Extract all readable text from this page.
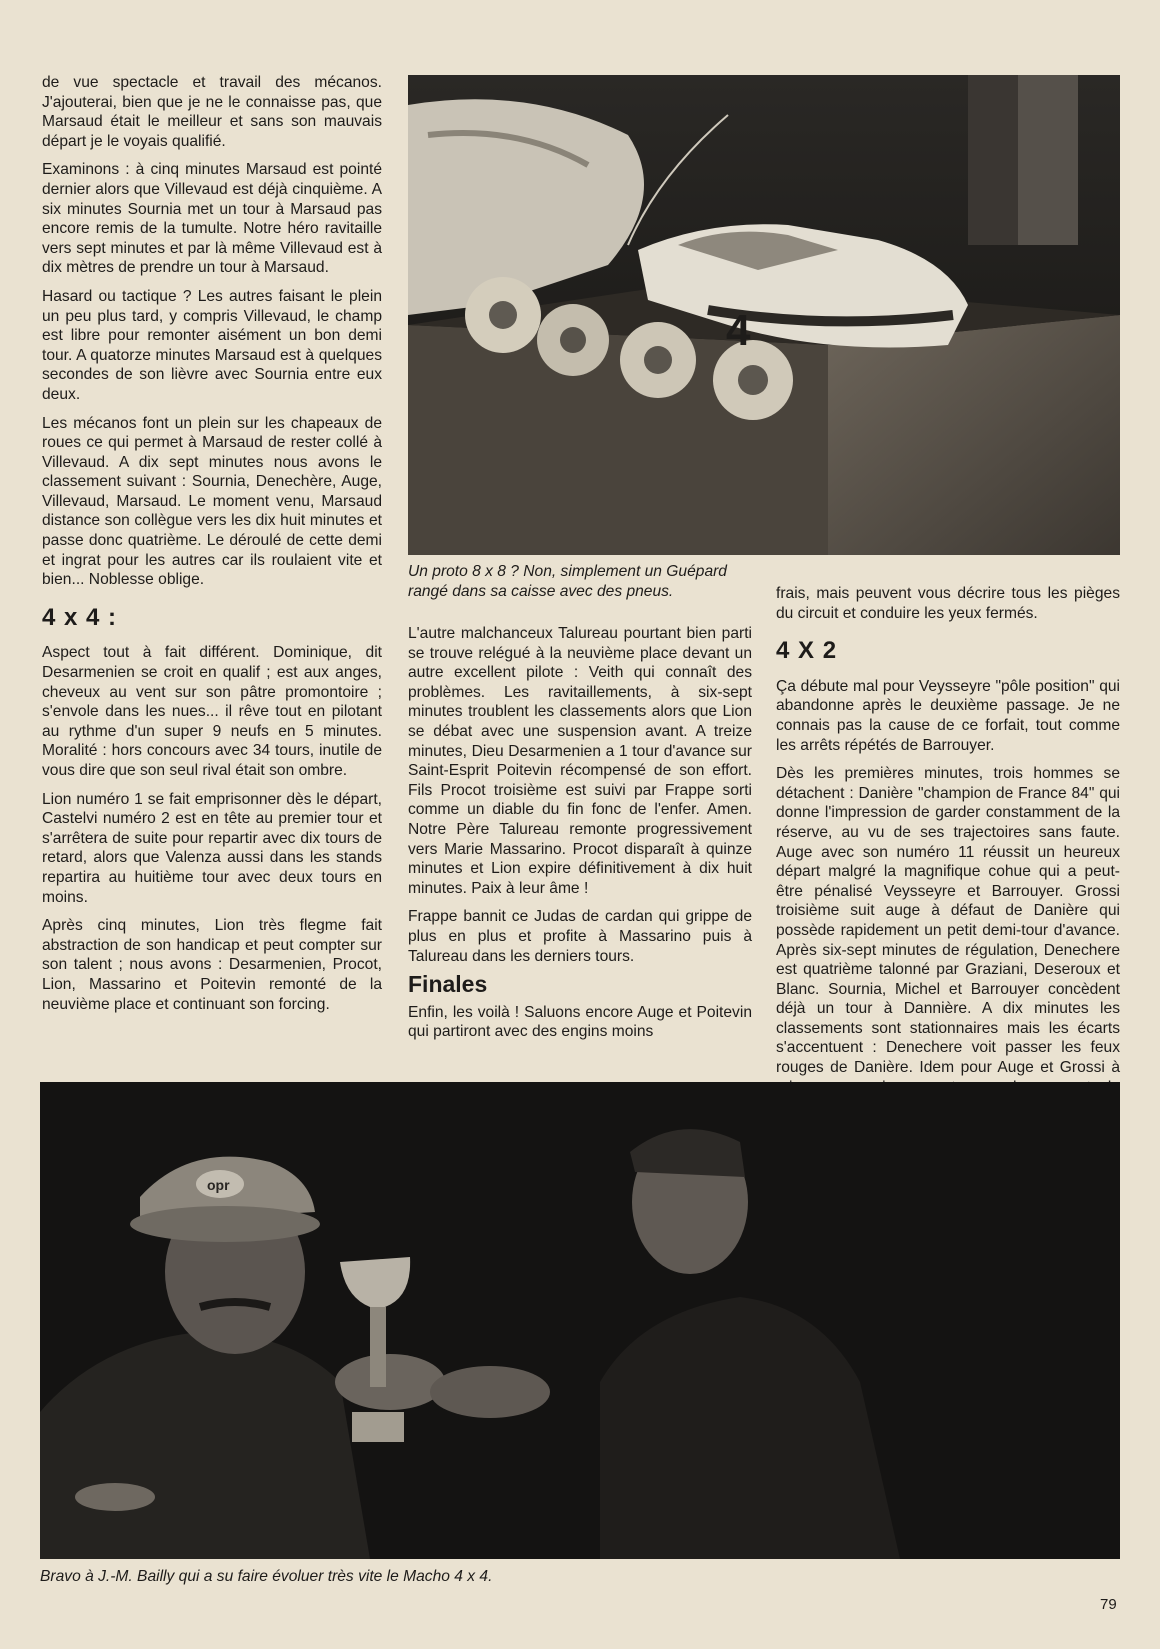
de vue spectacle et travail des mécanos. J'ajouterai, bien que je ne le connaisse pas, que Marsaud était le meilleur et sans son mauvais départ je le voyais qualifié.

Examinons : à cinq minutes Marsaud est pointé dernier alors que Villevaud est déjà cinquième. A six minutes Sournia met un tour à Marsaud pas encore remis de la tumulte. Notre héro ravitaille vers sept minutes et par là même Villevaud est à dix mètres de prendre un tour à Marsaud.

Hasard ou tactique ? Les autres faisant le plein un peu plus tard, y compris Villevaud, le champ est libre pour remonter aisément un bon demi tour. A quatorze minutes Marsaud est à quelques secondes de son lièvre avec Sournia entre eux deux.

Les mécanos font un plein sur les chapeaux de roues ce qui permet à Marsaud de rester collé à Villevaud. A dix sept minutes nous avons le classement suivant : Sournia, Denechère, Auge, Villevaud, Marsaud. Le moment venu, Marsaud distance son collègue vers les dix huit minutes et passe donc quatrième. Le déroulé de cette demi et ingrat pour les autres car ils roulaient vite et bien... Noblesse oblige.

4 x 4 :

Aspect tout à fait différent. Dominique, dit Desarmenien se croit en qualif ; est aux anges, cheveux au vent sur son pâtre promontoire ; s'envole dans les nues... il rêve tout en pilotant au rythme d'un super 9 neufs en 5 minutes. Moralité : hors concours avec 34 tours, inutile de vous dire que son seul rival était son ombre.

Lion numéro 1 se fait emprisonner dès le départ, Castelvi numéro 2 est en tête au premier tour et s'arrêtera de suite pour repartir avec dix tours de retard, alors que Valenza aussi dans les stands repartira au huitième tour avec deux tours en moins.

Après cinq minutes, Lion très flegme fait abstraction de son handicap et peut compter sur son talent ; nous avons : Desarmenien, Procot, Lion, Massarino et Poitevin remonté de la neuvième place et continuant son forcing.

4
Un proto 8 x 8 ? Non, simplement un Guépard rangé dans sa caisse avec des pneus.

L'autre malchanceux Talureau pourtant bien parti se trouve relégué à la neuvième place devant un autre excellent pilote : Veith qui connaît des problèmes. Les ravitaillements, à six-sept minutes troublent les classements alors que Lion se débat avec une suspension avant. A treize minutes, Dieu Desarmenien a 1 tour d'avance sur Saint-Esprit Poitevin récompensé de son effort. Fils Procot troisième est suivi par Frappe sorti comme un diable du fin fonc de l'enfer. Amen. Notre Père Talureau remonte progressivement vers Marie Massarino. Procot disparaît à quinze minutes et Lion expire définitivement à dix huit minutes. Paix à leur âme !

Frappe bannit ce Judas de cardan qui grippe de plus en plus et profite à Massarino puis à Talureau dans les derniers tours.

Finales

Enfin, les voilà ! Saluons encore Auge et Poitevin qui partiront avec des engins moins

frais, mais peuvent vous décrire tous les pièges du circuit et conduire les yeux fermés.

4 X 2

Ça débute mal pour Veysseyre "pôle position" qui abandonne après le deuxième passage. Je ne connais pas la cause de ce forfait, tout comme les arrêts répétés de Barrouyer.

Dès les premières minutes, trois hommes se détachent : Danière "champion de France 84" qui donne l'impression de garder constamment de la réserve, au vu de ses trajectoires sans faute. Auge avec son numéro 11 réussit un heureux départ malgré la magnifique cohue qui a peut-être pénalisé Veysseyre et Barrouyer. Grossi troisième suit auge à défaut de Danière qui possède rapidement un petit demi-tour d'avance. Après six-sept minutes de régulation, Denechere est quatrième talonné par Graziani, Deseroux et Blanc. Sournia, Michel et Barrouyer concèdent déjà un tour à Dannière. A dix minutes les classements sont stationnaires mais les écarts s'accentuent : Denechere voit passer les feux rouges de Danière. Idem pour Auge et Grossi à

opr
Bravo à J.-M. Bailly qui a su faire évoluer très vite le Macho 4 x 4.
79
